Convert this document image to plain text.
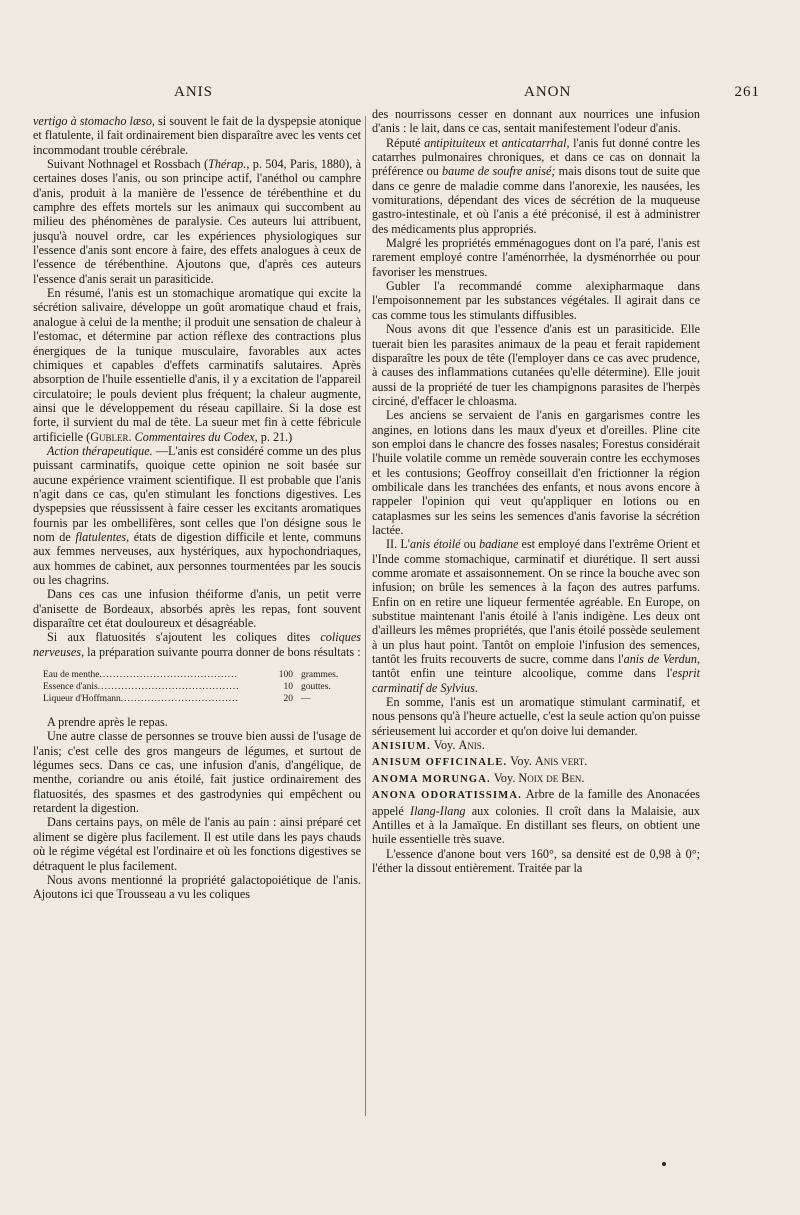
ANIS	ANON	261

vertigo à stomacho læso, si souvent le fait de la dyspepsie atonique et flatulente, il fait ordinairement bien disparaître avec les vents cet incommodant trouble cérébrale.

Suivant Nothnagel et Rossbach (Thérap., p. 504, Paris, 1880), à certaines doses l'anis, ou son principe actif, l'anéthol ou camphre d'anis, produit à la manière de l'essence de térébenthine et du camphre des effets mortels sur les animaux qui succombent au milieu des phénomènes de paralysie. Ces auteurs lui attribuent, jusqu'à nouvel ordre, car les expériences physiologiques sur l'essence d'anis sont encore à faire, des effets analogues à ceux de l'essence de térébenthine. Ajoutons que, d'après ces auteurs l'essence d'anis serait un parasiticide.

En résumé, l'anis est un stomachique aromatique qui excite la sécrétion salivaire, développe un goût aromatique chaud et frais, analogue à celui de la menthe; il produit une sensation de chaleur à l'estomac, et détermine par action réflexe des contractions plus énergiques de la tunique musculaire, favorables aux actes chimiques et capables d'effets carminatifs salutaires. Après absorption de l'huile essentielle d'anis, il y a excitation de l'appareil circulatoire; le pouls devient plus fréquent; la chaleur augmente, ainsi que le développement du réseau capillaire. Si la dose est forte, il survient du mal de tête. La sueur met fin à cette fébricule artificielle (Gubler. Commentaires du Codex, p. 21.)

Action thérapeutique. —L'anis est considéré comme un des plus puissant carminatifs, quoique cette opinion ne soit basée sur aucune expérience vraiment scientifique. Il est probable que l'anis n'agit dans ce cas, qu'en stimulant les fonctions digestives. Les dyspepsies que réussissent à faire cesser les excitants aromatiques fournis par les ombellifères, sont celles que l'on désigne sous le nom de flatulentes, états de digestion difficile et lente, communs aux femmes nerveuses, aux hystériques, aux hypochondriaques, aux hommes de cabinet, aux personnes tourmentées par les soucis ou les chagrins.

Dans ces cas une infusion théiforme d'anis, un petit verre d'anisette de Bordeaux, absorbés après les repas, font souvent disparaître cet état douloureux et désagréable.

Si aux flatuosités s'ajoutent les coliques dites coliques nerveuses, la préparation suivante pourra donner de bons résultats :

Eau de menthe .....	100 grammes.
Essence d'anis .....	10 gouttes.
Liqueur d'Hoffmann .....	20 —

A prendre après le repas.

Une autre classe de personnes se trouve bien aussi de l'usage de l'anis; c'est celle des gros mangeurs de légumes, et surtout de légumes secs. Dans ce cas, une infusion d'anis, d'angélique, de menthe, coriandre ou anis étoilé, fait justice ordinairement des flatuosités, des spasmes et des gastrodynies qui empêchent ou retardent la digestion.

Dans certains pays, on mêle de l'anis au pain : ainsi préparé cet aliment se digère plus facilement. Il est utile dans les pays chauds où le régime végétal est l'ordinaire et où les fonctions digestives se détraquent le plus facilement.

Nous avons mentionné la propriété galactopoiétique de l'anis. Ajoutons ici que Trousseau a vu les coliques

des nourrissons cesser en donnant aux nourrices une infusion d'anis : le lait, dans ce cas, sentait manifestement l'odeur d'anis.

Réputé antipituiteux et anticatarrhal, l'anis fut donné contre les catarrhes pulmonaires chroniques, et dans ce cas on donnait la préférence ou baume de soufre anisé; mais disons tout de suite que dans ce genre de maladie comme dans l'anorexie, les nausées, les vomiturations, dépendant des vices de sécrétion de la muqueuse gastro-intestinale, et où l'anis a été préconisé, il est à administrer des médicaments plus appropriés.

Malgré les propriétés emménagogues dont on l'a paré, l'anis est rarement employé contre l'aménorrhée, la dysménorrhée ou pour favoriser les menstrues.

Gubler l'a recommandé comme alexipharmaque dans l'empoisonnement par les substances végétales. Il agirait dans ce cas comme tous les stimulants diffusibles.

Nous avons dit que l'essence d'anis est un parasiticide. Elle tuerait bien les parasites animaux de la peau et ferait rapidement disparaître les poux de tête (l'employer dans ce cas avec prudence, à causes des inflammations cutanées qu'elle détermine). Elle jouit aussi de la propriété de tuer les champignons parasites de l'herpès circiné, d'effacer le chloasma.

Les anciens se servaient de l'anis en gargarismes contre les angines, en lotions dans les maux d'yeux et d'oreilles. Pline cite son emploi dans le chancre des fosses nasales; Forestus considérait l'huile volatile comme un remède souverain contre les ecchymoses et les contusions; Geoffroy conseillait d'en frictionner la région ombilicale dans les tranchées des enfants, et nous avons encore à rappeler l'opinion qui veut qu'appliquer en lotions ou en cataplasmes sur les seins les semences d'anis favorise la sécrétion lactée.

II. L'anis étoilé ou badiane est employé dans l'extrême Orient et l'Inde comme stomachique, carminatif et diurétique. Il sert aussi comme aromate et assaisonnement. On se rince la bouche avec son infusion; on brûle les semences à la façon des autres parfums. Enfin on en retire une liqueur fermentée agréable. En Europe, on substitue maintenant l'anis étoilé à l'anis indigène. Les deux ont d'ailleurs les mêmes propriétés, que l'anis étoilé possède seulement à un plus haut point. Tantôt on emploie l'infusion des semences, tantôt les fruits recouverts de sucre, comme dans l'anis de Verdun, tantôt enfin une teinture alcoolique, comme dans l'esprit carminatif de Sylvius.

En somme, l'anis est un aromatique stimulant carminatif, et nous pensons qu'à l'heure actuelle, c'est la seule action qu'on puisse sérieusement lui accorder et qu'on doive lui demander.

ANISIUM. Voy. Anis.

ANISUM OFFICINALE. Voy. Anis vert.

ANOMA MORUNGA. Voy. Noix de Ben.

ANONA ODORATISSIMA. Arbre de la famille des Anonacées appelé Ilang-Ilang aux colonies. Il croît dans la Malaisie, aux Antilles et à la Jamaïque. En distillant ses fleurs, on obtient une huile essentielle très suave.

L'essence d'anone bout vers 160°, sa densité est de 0,98 à 0°; l'éther la dissout entièrement. Traitée par la
